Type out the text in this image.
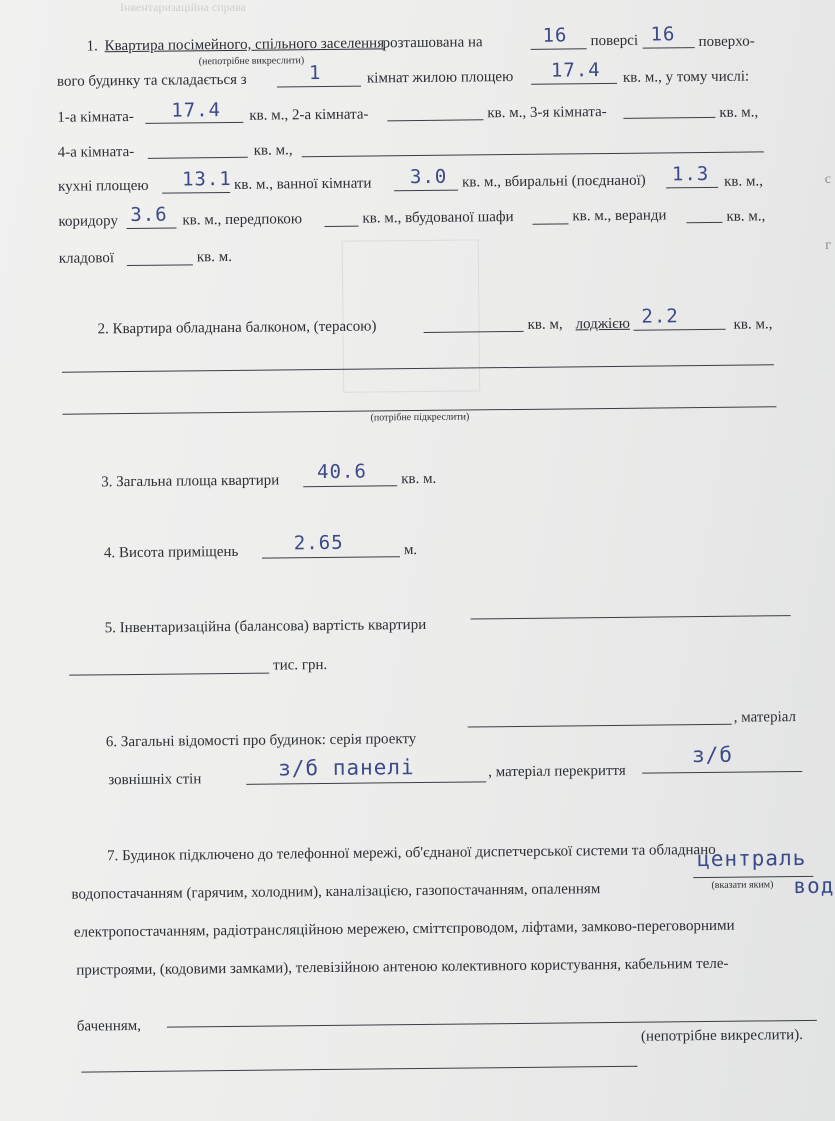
Інвентаризаційна справа
с
г
1. Квартира посімейного, спільного заселення
розташована на	16 поверсі 16 поверхо-
(непотрібне викреслити)
вого будинку та складається з	1	кімнат жилою площею 17.4 кв. м., у тому числі:
1-а кімната- 17.4 кв. м., 2-а кімната-	кв. м., 3-я кімната-	кв. м.,
4-а кімната-	кв. м.,
кухні площею 13.1 кв. м., ванної кімнати 3.0 кв. м., вбиральні (поєднаної) 1.3 кв. м.,
коридору 3.6 кв. м., передпокою	кв. м., вбудованої шафи	кв. м., веранди	кв. м.,
кладової	кв. м.
2. Квартира обладнана балконом, (терасою)	кв. м, лоджією 2.2	кв. м.,
(потрібне підкреслити)
3. Загальна площа квартири 40.6 кв. м.
4. Висота приміщень	2.65	м.
5. Інвентаризаційна (балансова) вартість квартири
тис. грн.
6. Загальні відомості про будинок: серія проекту
, матеріал
зовнішніх стін	з/б панелі	, матеріал перекриття
з/б
7. Будинок підключено до телефонної мережі, об'єднаної диспетчерської системи та обладнано
водопостачанням (гарячим, холодним), каналізацією, газопостачанням, опаленням
централь
(вказати яким) вод
електропостачанням, радіотрансляційною мережею, сміттєпроводом, ліфтами, замково-переговорними
пристроями, (кодовими замками), телевізійною антеною колективного користування, кабельним теле-
баченням,
(непотрібне викреслити).
